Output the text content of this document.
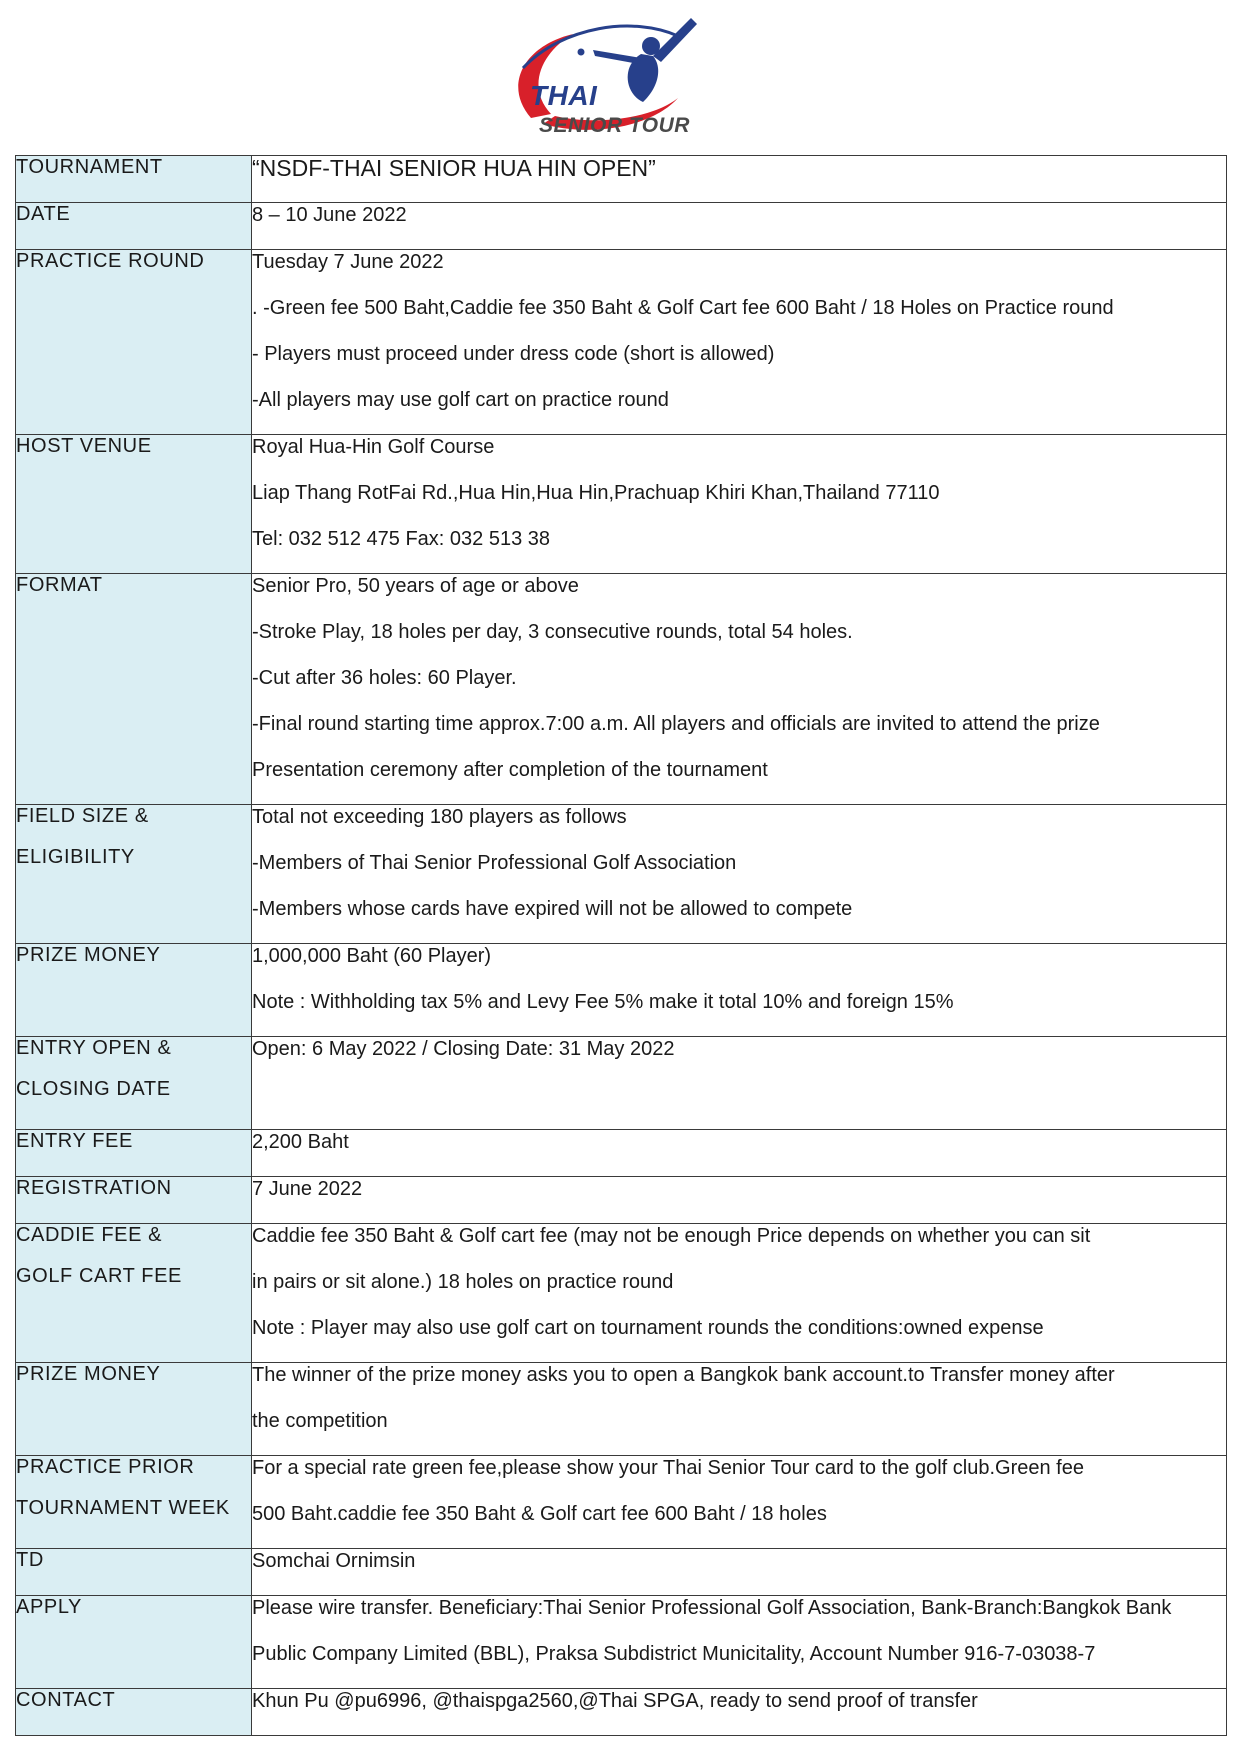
THAI
SENIOR TOUR
TOURNAMENT	“NSDF-THAI SENIOR HUA HIN OPEN”

DATE	8 – 10 June 2022

PRACTICE ROUND	Tuesday 7 June 2022
. -Green fee 500 Baht,Caddie fee 350 Baht & Golf Cart fee 600 Baht / 18 Holes on Practice round
- Players must proceed under dress code (short is allowed)
-All players may use golf cart on practice round

HOST VENUE	Royal Hua-Hin Golf Course
Liap Thang RotFai Rd.,Hua Hin,Hua Hin,Prachuap Khiri Khan,Thailand 77110
Tel: 032 512 475 Fax: 032 513 38

FORMAT	Senior Pro, 50 years of age or above
-Stroke Play, 18 holes per day, 3 consecutive rounds, total 54 holes.
-Cut after 36 holes: 60 Player.
-Final round starting time approx.7:00 a.m. All players and officials are invited to attend the prize
Presentation ceremony after completion of the tournament

FIELD SIZE &
ELIGIBILITY	Total not exceeding 180 players as follows
-Members of Thai Senior Professional Golf Association
-Members whose cards have expired will not be allowed to compete

PRIZE MONEY	1,000,000 Baht (60 Player)
Note : Withholding tax 5% and Levy Fee 5% make it total 10% and foreign 15%

ENTRY OPEN &
CLOSING DATE	Open: 6 May 2022 / Closing Date: 31 May 2022

ENTRY FEE	2,200 Baht

REGISTRATION	7 June 2022

CADDIE FEE &
GOLF CART FEE	Caddie fee 350 Baht & Golf cart fee (may not be enough Price depends on whether you can sit
in pairs or sit alone.) 18 holes on practice round
Note : Player may also use golf cart on tournament rounds the conditions:owned expense

PRIZE MONEY	The winner of the prize money asks you to open a Bangkok bank account.to Transfer money after
the competition

PRACTICE PRIOR
TOURNAMENT WEEK	For a special rate green fee,please show your Thai Senior Tour card to the golf club.Green fee
500 Baht.caddie fee 350 Baht & Golf cart fee 600 Baht / 18 holes

TD	Somchai Ornimsin

APPLY	Please wire transfer. Beneficiary:Thai Senior Professional Golf Association, Bank-Branch:Bangkok Bank
Public Company Limited (BBL), Praksa Subdistrict Municitality, Account Number 916-7-03038-7

CONTACT	Khun Pu @pu6996, @thaispga2560,@Thai SPGA, ready to send proof of transfer
